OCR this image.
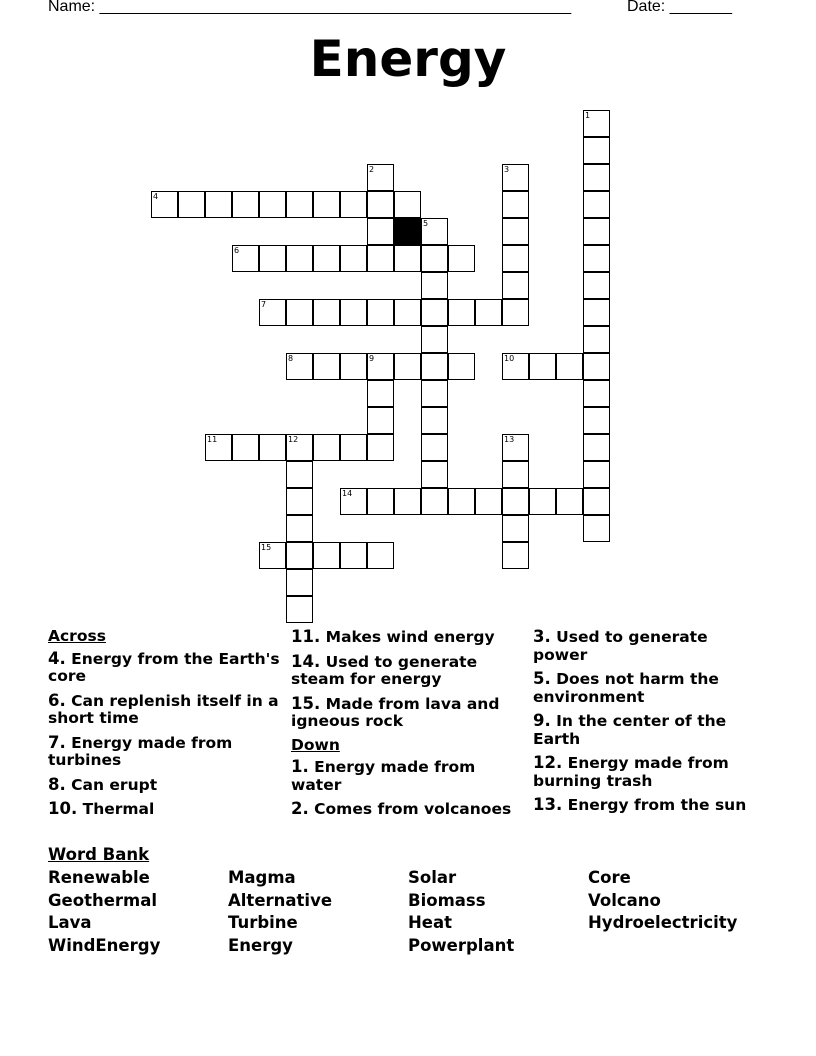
Name: _____________________________________________________	Date: _______
Energy
4
6
7
8	9	10
11	12
14
15
1
2	3
5
13
Across
4. Energy from the Earth's core
6. Can replenish itself in a short time
7. Energy made from turbines
8. Can erupt
10. Thermal
11. Makes wind energy
14. Used to generate steam for energy
15. Made from lava and igneous rock
Down
1. Energy made from water
2. Comes from volcanoes
3. Used to generate power
5. Does not harm the environment
9. In the center of the Earth
12. Energy made from burning trash
13. Energy from the sun
Word Bank
Renewable	Magma	Solar	Core
Geothermal	Alternative	Biomass	Volcano
Lava	Turbine	Heat	Hydroelectricity
WindEnergy	Energy	Powerplant
